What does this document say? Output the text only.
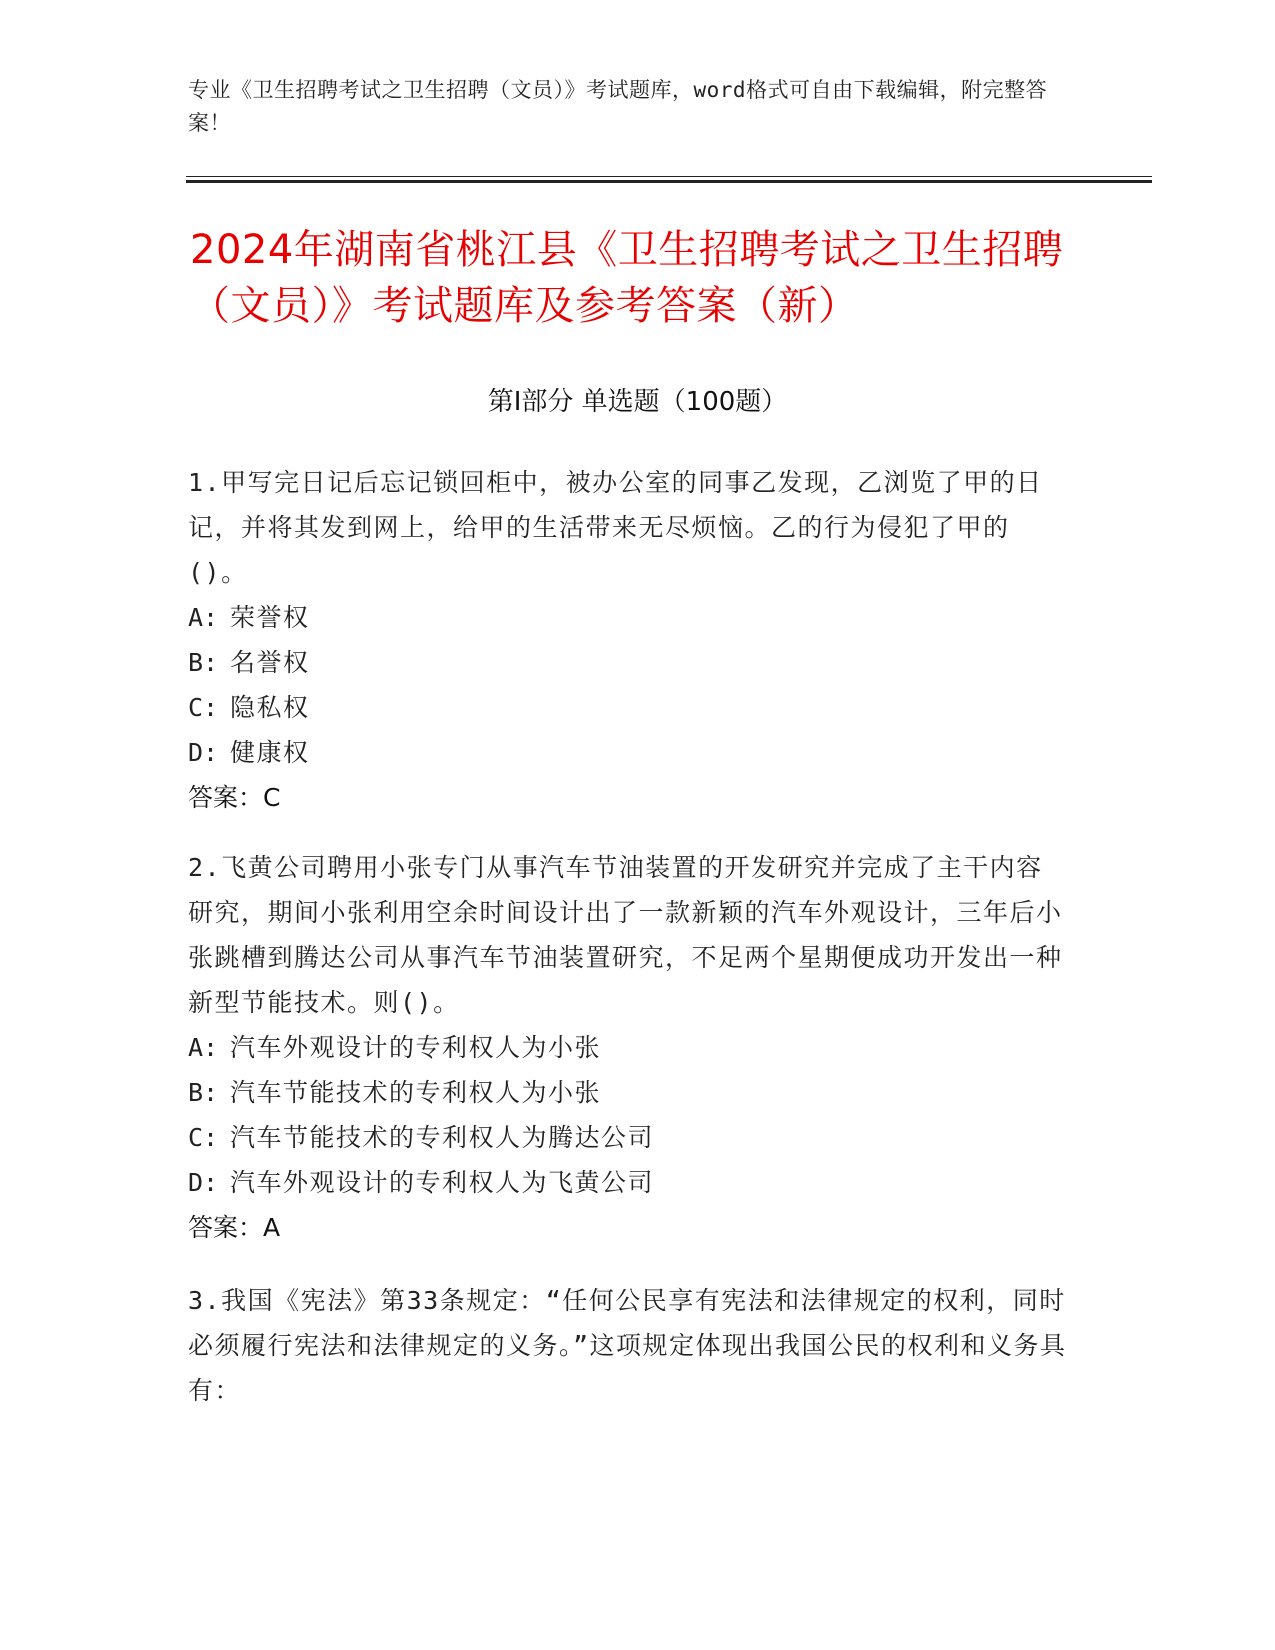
专业《卫生招聘考试之卫生招聘（文员）》考试题库，word格式可自由下载编辑，附完整答案！
2024年湖南省桃江县《卫生招聘考试之卫生招聘（文员）》考试题库及参考答案（新）
第I部分 单选题（100题）
1.甲写完日记后忘记锁回柜中，被办公室的同事乙发现，乙浏览了甲的日记，并将其发到网上，给甲的生活带来无尽烦恼。乙的行为侵犯了甲的()。
A: 荣誉权
B: 名誉权
C: 隐私权
D: 健康权
答案：C
2.飞黄公司聘用小张专门从事汽车节油装置的开发研究并完成了主干内容研究，期间小张利用空余时间设计出了一款新颖的汽车外观设计，三年后小张跳槽到腾达公司从事汽车节油装置研究，不足两个星期便成功开发出一种新型节能技术。则()。
A: 汽车外观设计的专利权人为小张
B: 汽车节能技术的专利权人为小张
C: 汽车节能技术的专利权人为腾达公司
D: 汽车外观设计的专利权人为飞黄公司
答案：A
3.我国《宪法》第33条规定：“任何公民享有宪法和法律规定的权利，同时必须履行宪法和法律规定的义务。”这项规定体现出我国公民的权利和义务具有：
